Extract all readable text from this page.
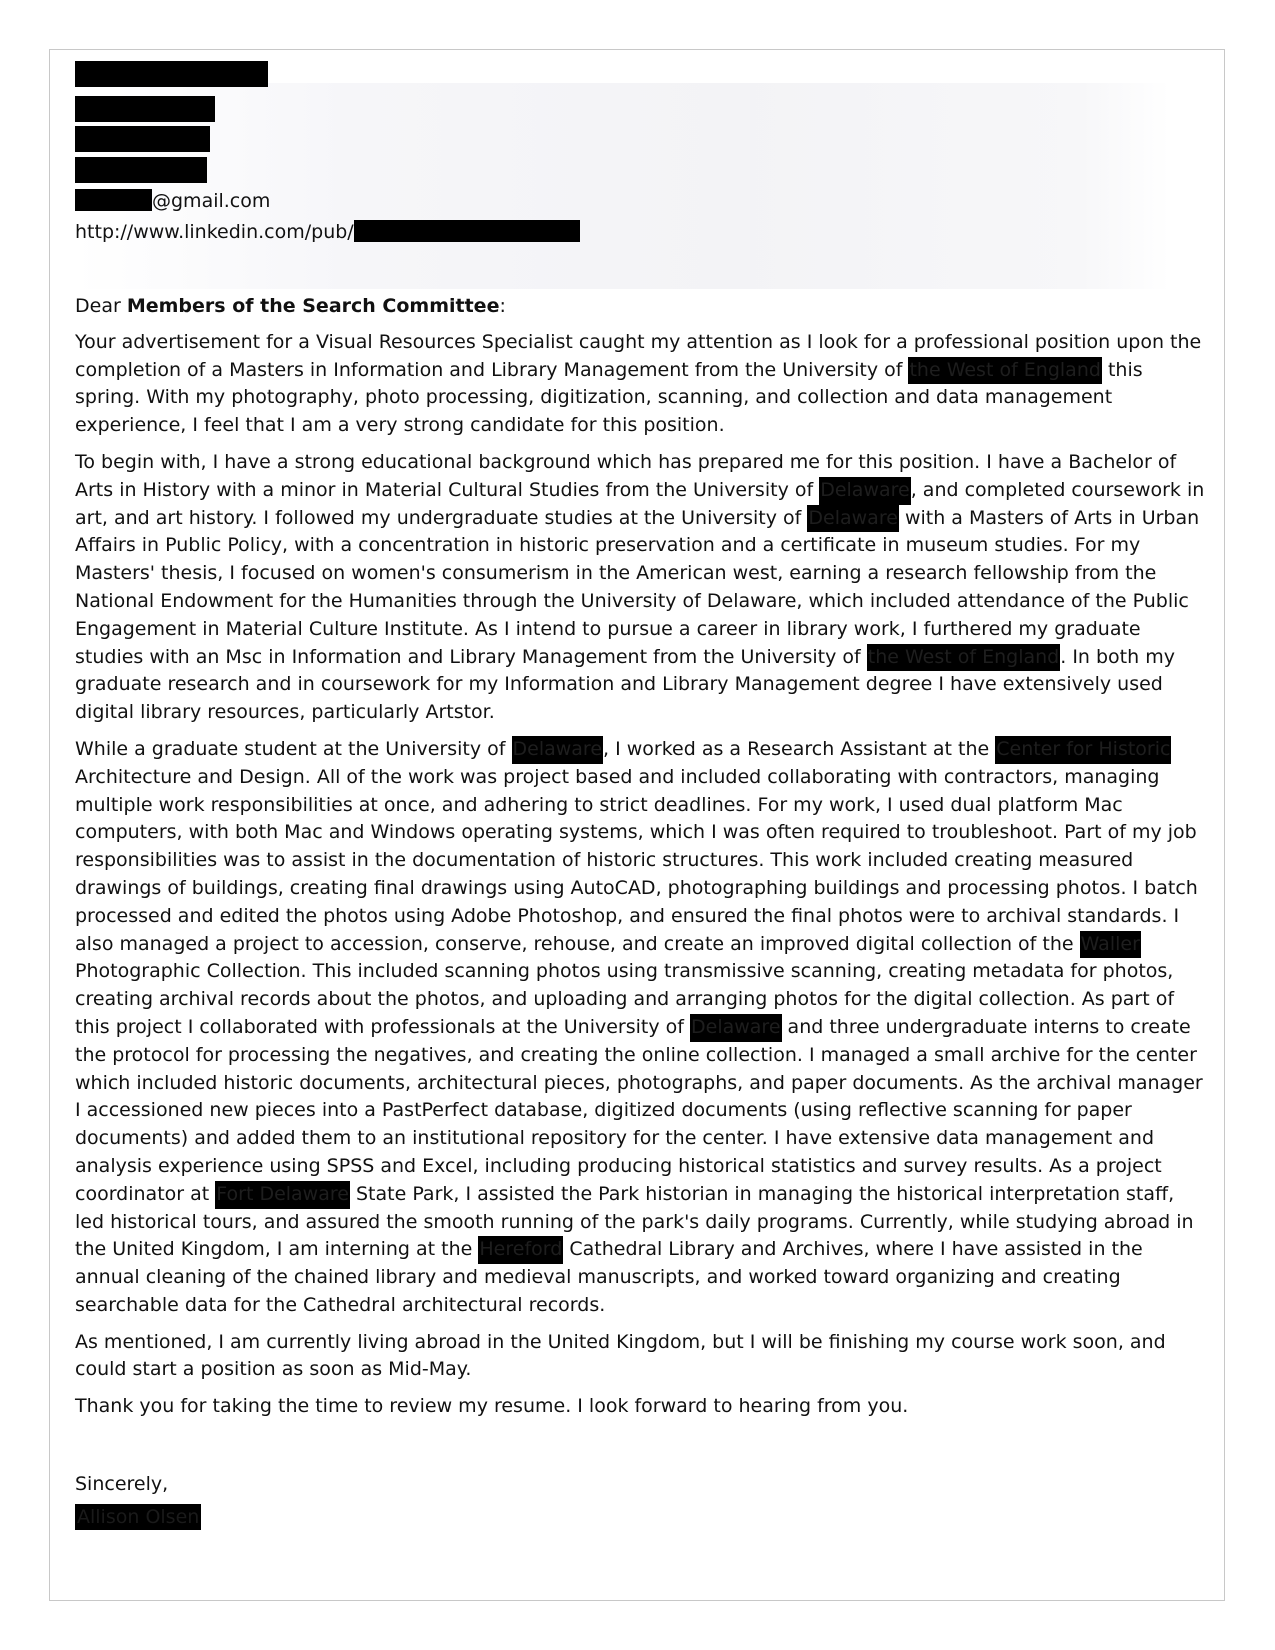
@gmail.com
http://www.linkedin.com/pub/

Dear Members of the Search Committee:

Your advertisement for a Visual Resources Specialist caught my attention as I look for a professional position upon the completion of a Masters in Information and Library Management from the University of the West of England this spring. With my photography, photo processing, digitization, scanning, and collection and data management experience, I feel that I am a very strong candidate for this position.

To begin with, I have a strong educational background which has prepared me for this position. I have a Bachelor of Arts in History with a minor in Material Cultural Studies from the University of Delaware, and completed coursework in art, and art history. I followed my undergraduate studies at the University of Delaware with a Masters of Arts in Urban Affairs in Public Policy, with a concentration in historic preservation and a certificate in museum studies. For my Masters' thesis, I focused on women's consumerism in the American west, earning a research fellowship from the National Endowment for the Humanities through the University of Delaware, which included attendance of the Public Engagement in Material Culture Institute. As I intend to pursue a career in library work, I furthered my graduate studies with an Msc in Information and Library Management from the University of the West of England. In both my graduate research and in coursework for my Information and Library Management degree I have extensively used digital library resources, particularly Artstor.

While a graduate student at the University of Delaware, I worked as a Research Assistant at the Center for Historic Architecture and Design. All of the work was project based and included collaborating with contractors, managing multiple work responsibilities at once, and adhering to strict deadlines. For my work, I used dual platform Mac computers, with both Mac and Windows operating systems, which I was often required to troubleshoot. Part of my job responsibilities was to assist in the documentation of historic structures. This work included creating measured drawings of buildings, creating final drawings using AutoCAD, photographing buildings and processing photos. I batch processed and edited the photos using Adobe Photoshop, and ensured the final photos were to archival standards. I also managed a project to accession, conserve, rehouse, and create an improved digital collection of the Waller Photographic Collection. This included scanning photos using transmissive scanning, creating metadata for photos, creating archival records about the photos, and uploading and arranging photos for the digital collection. As part of this project I collaborated with professionals at the University of Delaware and three undergraduate interns to create the protocol for processing the negatives, and creating the online collection. I managed a small archive for the center which included historic documents, architectural pieces, photographs, and paper documents. As the archival manager I accessioned new pieces into a PastPerfect database, digitized documents (using reflective scanning for paper documents) and added them to an institutional repository for the center. I have extensive data management and analysis experience using SPSS and Excel, including producing historical statistics and survey results. As a project coordinator at Fort Delaware State Park, I assisted the Park historian in managing the historical interpretation staff, led historical tours, and assured the smooth running of the park's daily programs. Currently, while studying abroad in the United Kingdom, I am interning at the Hereford Cathedral Library and Archives, where I have assisted in the annual cleaning of the chained library and medieval manuscripts, and worked toward organizing and creating searchable data for the Cathedral architectural records.

As mentioned, I am currently living abroad in the United Kingdom, but I will be finishing my course work soon, and could start a position as soon as Mid-May.

Thank you for taking the time to review my resume. I look forward to hearing from you.

Sincerely,
Allison Olsen
